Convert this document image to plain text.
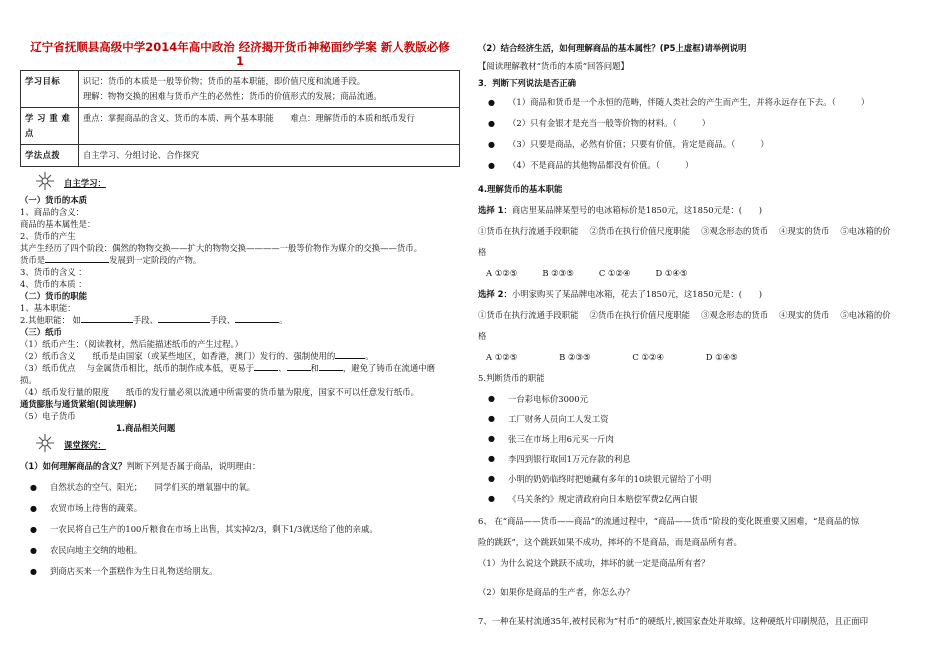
辽宁省抚顺县高级中学2014年高中政治 经济揭开货币神秘面纱学案 新人教版必修
1
学习目标	识记：货币的本质是一般等价物；货币的基本职能，即价值尺度和流通手段。
理解：物物交换的困难与货币产生的必然性；货币的价值形式的发展；商品流通。

学 习 重 难 点	重点：掌握商品的含义、货币的本质、两个基本职能　　难点：理解货币的本质和纸币发行

学法点拨	自主学习、分组讨论、合作探究
自主学习：
（一）货币的本质
1、商品的含义：
商品的基本属性是：
2、货币的产生
其产生经历了四个阶段：偶然的物物交换——扩大的物物交换————一般等价物作为媒介的交换——货币。
货币是	发展到一定阶段的产物。
3、货币的含义 ：
4、货币的本质 ：
（二）货币的职能
1、基本职能：
2.其他职能： 如	手段、	手段、	。
（三）纸币
（1）纸币产生：（阅读教材，然后能描述纸币的产生过程。）
（2）纸币含义　　纸币是由国家（或某些地区，如香港，澳门）发行的、强制使用的	。
（3）纸币优点 　与金属货币相比，纸币的制作成本低，更易于	、	和	，避免了铸币在流通中磨
损。
（4）纸币发行量的限度　　纸币的发行量必须以流通中所需要的货币量为限度，国家不可以任意发行纸币。
通货膨胀与通货紧缩(阅读理解)
（5）电子货币
1.商品相关问题
课堂探究：
（1）如何理解商品的含义？判断下列是否属于商品，说明理由：
● 自然状态的空气、阳光；　　同学们买的增氧器中的氧。
● 农贸市场上待售的蔬菜。
● 一农民将自己生产的100斤粮食在市场上出售，其实掉2/3，剩下1/3就送给了他的亲戚。
● 农民向地主交纳的地租。
● 到商店买来一个蛋糕作为生日礼物送给朋友。
（2）结合经济生活，如何理解商品的基本属性？(P5上虚框)请举例说明
【阅读理解教材“货币的本质”回答问题】
3．判断下列说法是否正确
● （1）商品和货币是一个永恒的范畴，伴随人类社会的产生而产生，并将永远存在下去。（　　　）
● （2）只有金银才是充当一般等价物的材料。（　　　）
● （3）只要是商品，必然有价值；只要有价值，肯定是商品。（　　　）
● （4）不是商品的其他物品都没有价值。（　　　）
4.理解货币的基本职能
选择 1：商店里某品牌某型号的电冰箱标价是1850元，这1850元是：(　　)
①货币在执行流通手段职能　 ②货币在执行价值尺度职能　 ③观念形态的货币　 ④现实的货币　 ⑤电冰箱的价
格
A ①②⑤　　　B ②③⑤　　　C ①②④　　　D ①④⑤
选择 2：小明家购买了某品牌电冰箱，花去了1850元，这1850元是：(　　)
①货币在执行流通手段职能　 ②货币在执行价值尺度职能　 ③观念形态的货币　 ④现实的货币　 ⑤电冰箱的价
格
A ①②⑤　　　　　B ②③⑤　　　　　C ①②④　　　　　D ①④⑤
5.判断货币的职能
● 一台彩电标价3000元
● 工厂财务人员向工人发工资
● 张三在市场上用6元买一斤肉
● 李四到银行取回1万元存款的利息
● 小明的奶奶临终时把她藏有多年的10块银元留给了小明
● 《马关条约》规定清政府向日本赔偿军费2亿两白银
6、 在“商品——货币——商品”的流通过程中，“商品——货币”阶段的变化既重要又困难，“是商品的惊
险的跳跃”，这个跳跃如果不成功，摔坏的不是商品，而是商品所有者。
（1）为什么说这个跳跃不成功，摔坏的就一定是商品所有者？
（2）如果你是商品的生产者，你怎么办？
7、一种在某村流通35年,被村民称为”村币”的硬纸片,被国家查处并取缔。这种硬纸片印刷规范，且正面印
